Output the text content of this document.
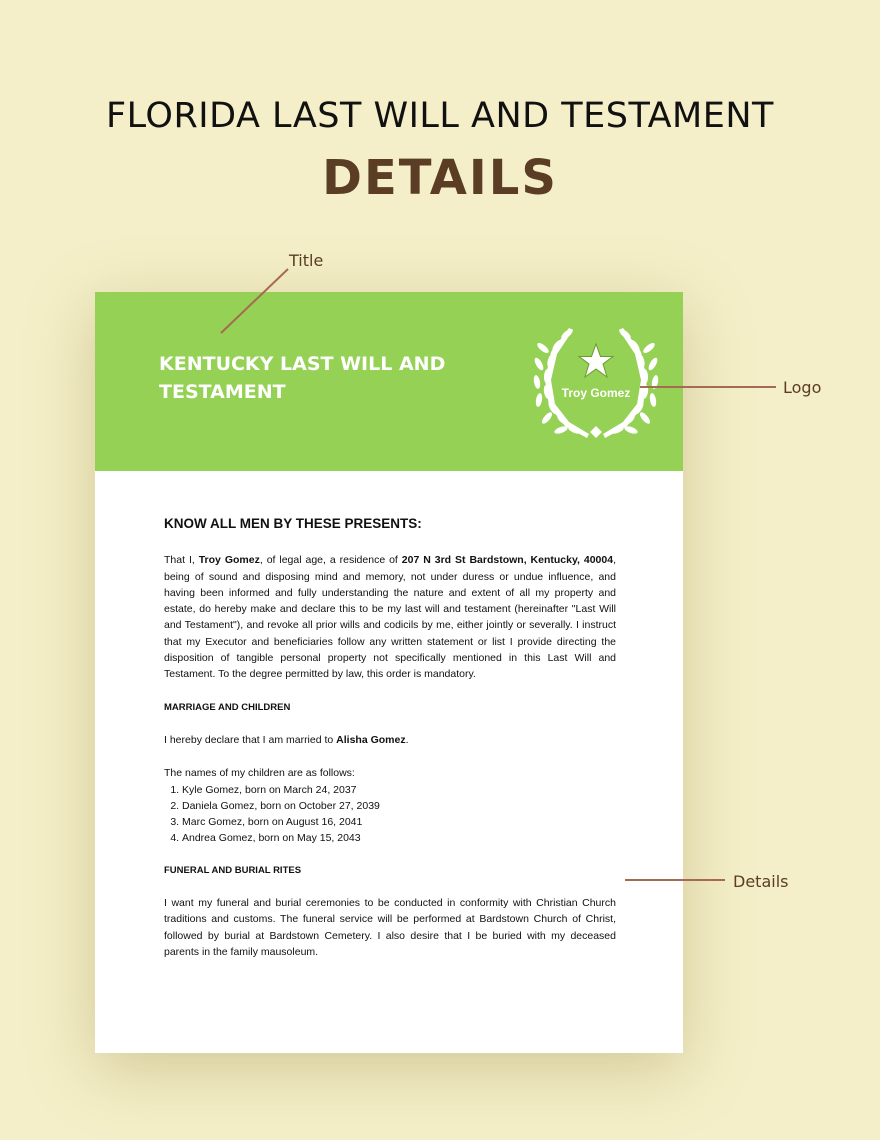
FLORIDA LAST WILL AND TESTAMENT
DETAILS
KENTUCKY LAST WILL AND TESTAMENT	Troy Gomez
KNOW ALL MEN BY THESE PRESENTS:

That I, Troy Gomez, of legal age, a residence of 207 N 3rd St Bardstown, Kentucky, 40004, being of sound and disposing mind and memory, not under duress or undue influence, and having been informed and fully understanding the nature and extent of all my property and estate, do hereby make and declare this to be my last will and testament (hereinafter "Last Will and Testament"), and revoke all prior wills and codicils by me, either jointly or severally. I instruct that my Executor and beneficiaries follow any written statement or list I provide directing the disposition of tangible personal property not specifically mentioned in this Last Will and Testament. To the degree permitted by law, this order is mandatory.

MARRIAGE AND CHILDREN

I hereby declare that I am married to Alisha Gomez.

The names of my children are as follows:

1. Kyle Gomez, born on March 24, 2037
2. Daniela Gomez, born on October 27, 2039
3. Marc Gomez, born on August 16, 2041
4. Andrea Gomez, born on May 15, 2043
FUNERAL AND BURIAL RITES

I want my funeral and burial ceremonies to be conducted in conformity with Christian Church traditions and customs. The funeral service will be performed at Bardstown Church of Christ, followed by burial at Bardstown Cemetery. I also desire that I be buried with my deceased parents in the family mausoleum.

Title
Logo
Details
